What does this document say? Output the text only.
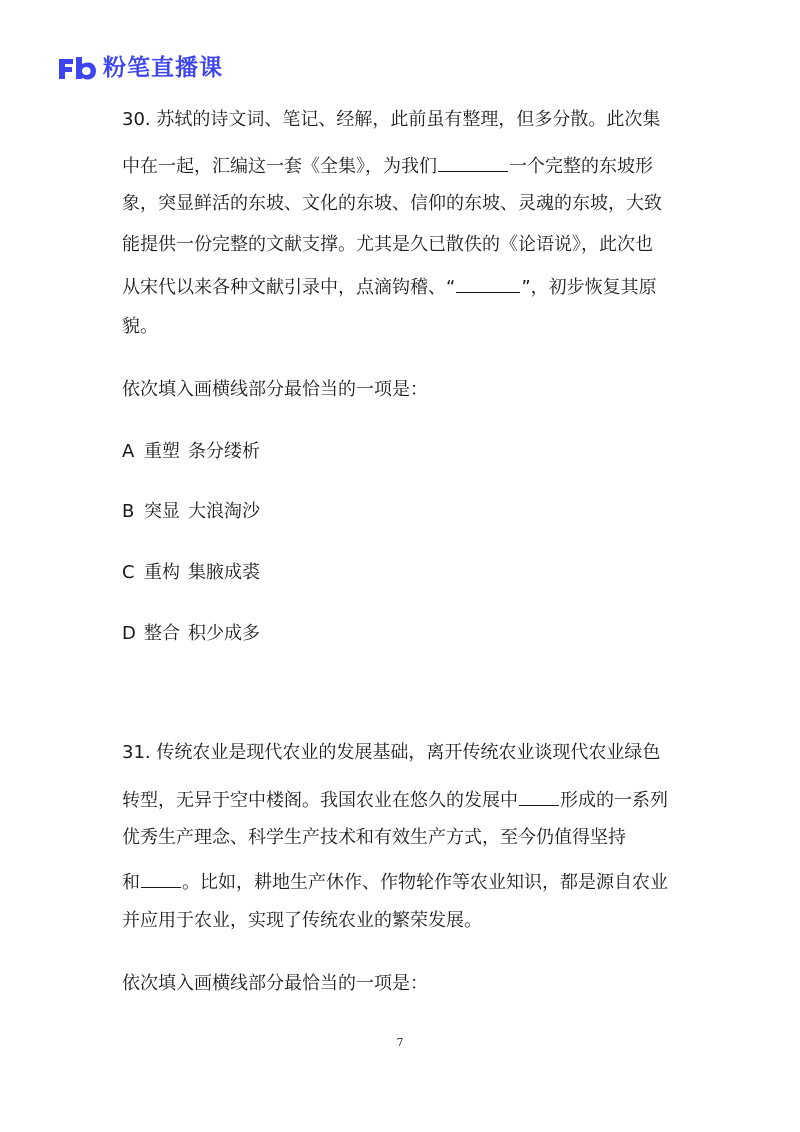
粉笔直播课
30. 苏轼的诗文词、笔记、经解，此前虽有整理，但多分散。此次集
中在一起，汇编这一套《全集》，为我们	一个完整的东坡形
象，突显鲜活的东坡、文化的东坡、信仰的东坡、灵魂的东坡，大致
能提供一份完整的文献支撑。尤其是久已散佚的《论语说》，此次也
从宋代以来各种文献引录中，点滴钩稽、“	”，初步恢复其原
貌。
依次填入画横线部分最恰当的一项是：
A 重塑 条分缕析
B 突显 大浪淘沙
C 重构 集腋成裘
D 整合 积少成多
31. 传统农业是现代农业的发展基础，离开传统农业谈现代农业绿色
转型，无异于空中楼阁。我国农业在悠久的发展中 形成的一系列
优秀生产理念、科学生产技术和有效生产方式，至今仍值得坚持
和 。比如，耕地生产休作、作物轮作等农业知识，都是源自农业
并应用于农业，实现了传统农业的繁荣发展。
依次填入画横线部分最恰当的一项是：
7
